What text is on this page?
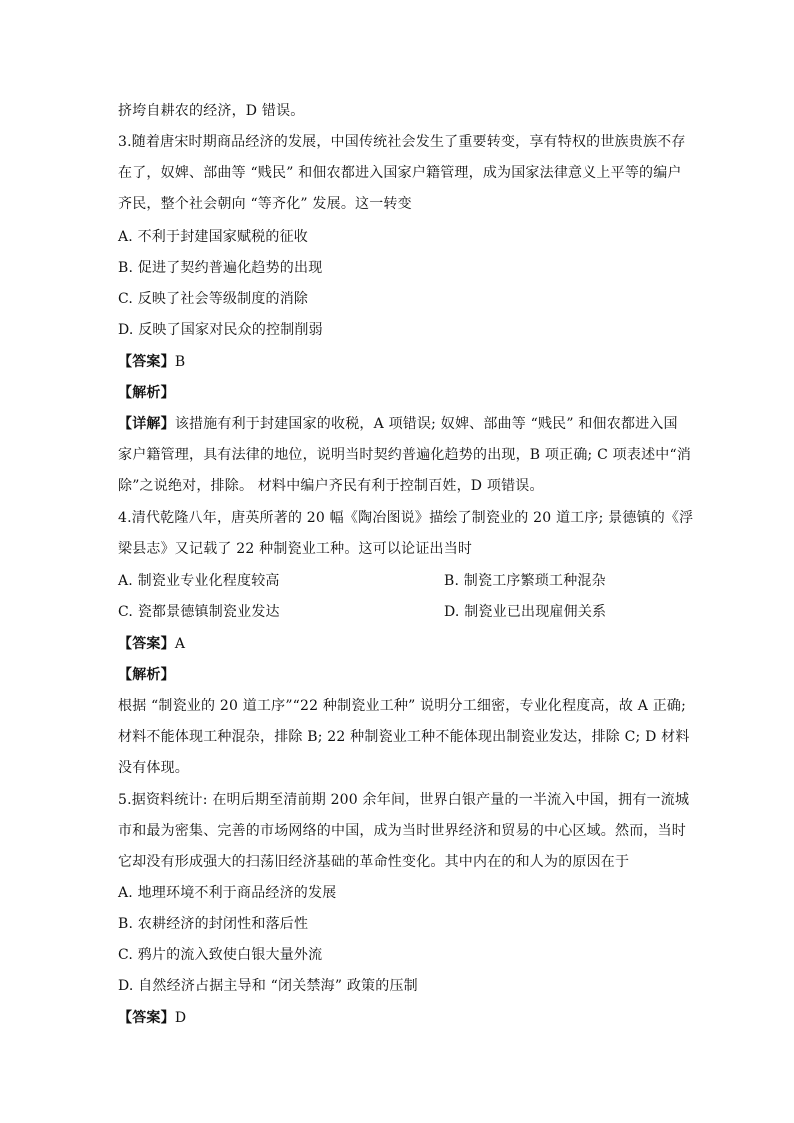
挤垮自耕农的经济，D 错误。
3.随着唐宋时期商品经济的发展，中国传统社会发生了重要转变，享有特权的世族贵族不存
在了，奴婢、部曲等 “贱民” 和佃农都进入国家户籍管理，成为国家法律意义上平等的编户
齐民，整个社会朝向 “等齐化” 发展。这一转变
A. 不利于封建国家赋税的征收
B. 促进了契约普遍化趋势的出现
C. 反映了社会等级制度的消除
D. 反映了国家对民众的控制削弱
【答案】B
【解析】
【详解】该措施有利于封建国家的收税，A 项错误; 奴婢、部曲等 “贱民” 和佃农都进入国
家户籍管理，具有法律的地位，说明当时契约普遍化趋势的出现，B 项正确; C 项表述中“消
除”之说绝对，排除。 材料中编户齐民有利于控制百姓，D 项错误。
4.清代乾隆八年，唐英所著的 20 幅《陶冶图说》描绘了制瓷业的 20 道工序; 景德镇的《浮
梁县志》又记载了 22 种制瓷业工种。这可以论证出当时
A. 制瓷业专业化程度较高	B. 制瓷工序繁琐工种混杂
C. 瓷都景德镇制瓷业发达	D. 制瓷业已出现雇佣关系
【答案】A
【解析】
根据 “制瓷业的 20 道工序”“22 种制瓷业工种” 说明分工细密，专业化程度高，故 A 正确;
材料不能体现工种混杂，排除 B; 22 种制瓷业工种不能体现出制瓷业发达，排除 C; D 材料
没有体现。
5.据资料统计: 在明后期至清前期 200 余年间，世界白银产量的一半流入中国，拥有一流城
市和最为密集、完善的市场网络的中国，成为当时世界经济和贸易的中心区域。然而，当时
它却没有形成强大的扫荡旧经济基础的革命性变化。其中内在的和人为的原因在于
A. 地理环境不利于商品经济的发展
B. 农耕经济的封闭性和落后性
C. 鸦片的流入致使白银大量外流
D. 自然经济占据主导和 “闭关禁海” 政策的压制
【答案】D
